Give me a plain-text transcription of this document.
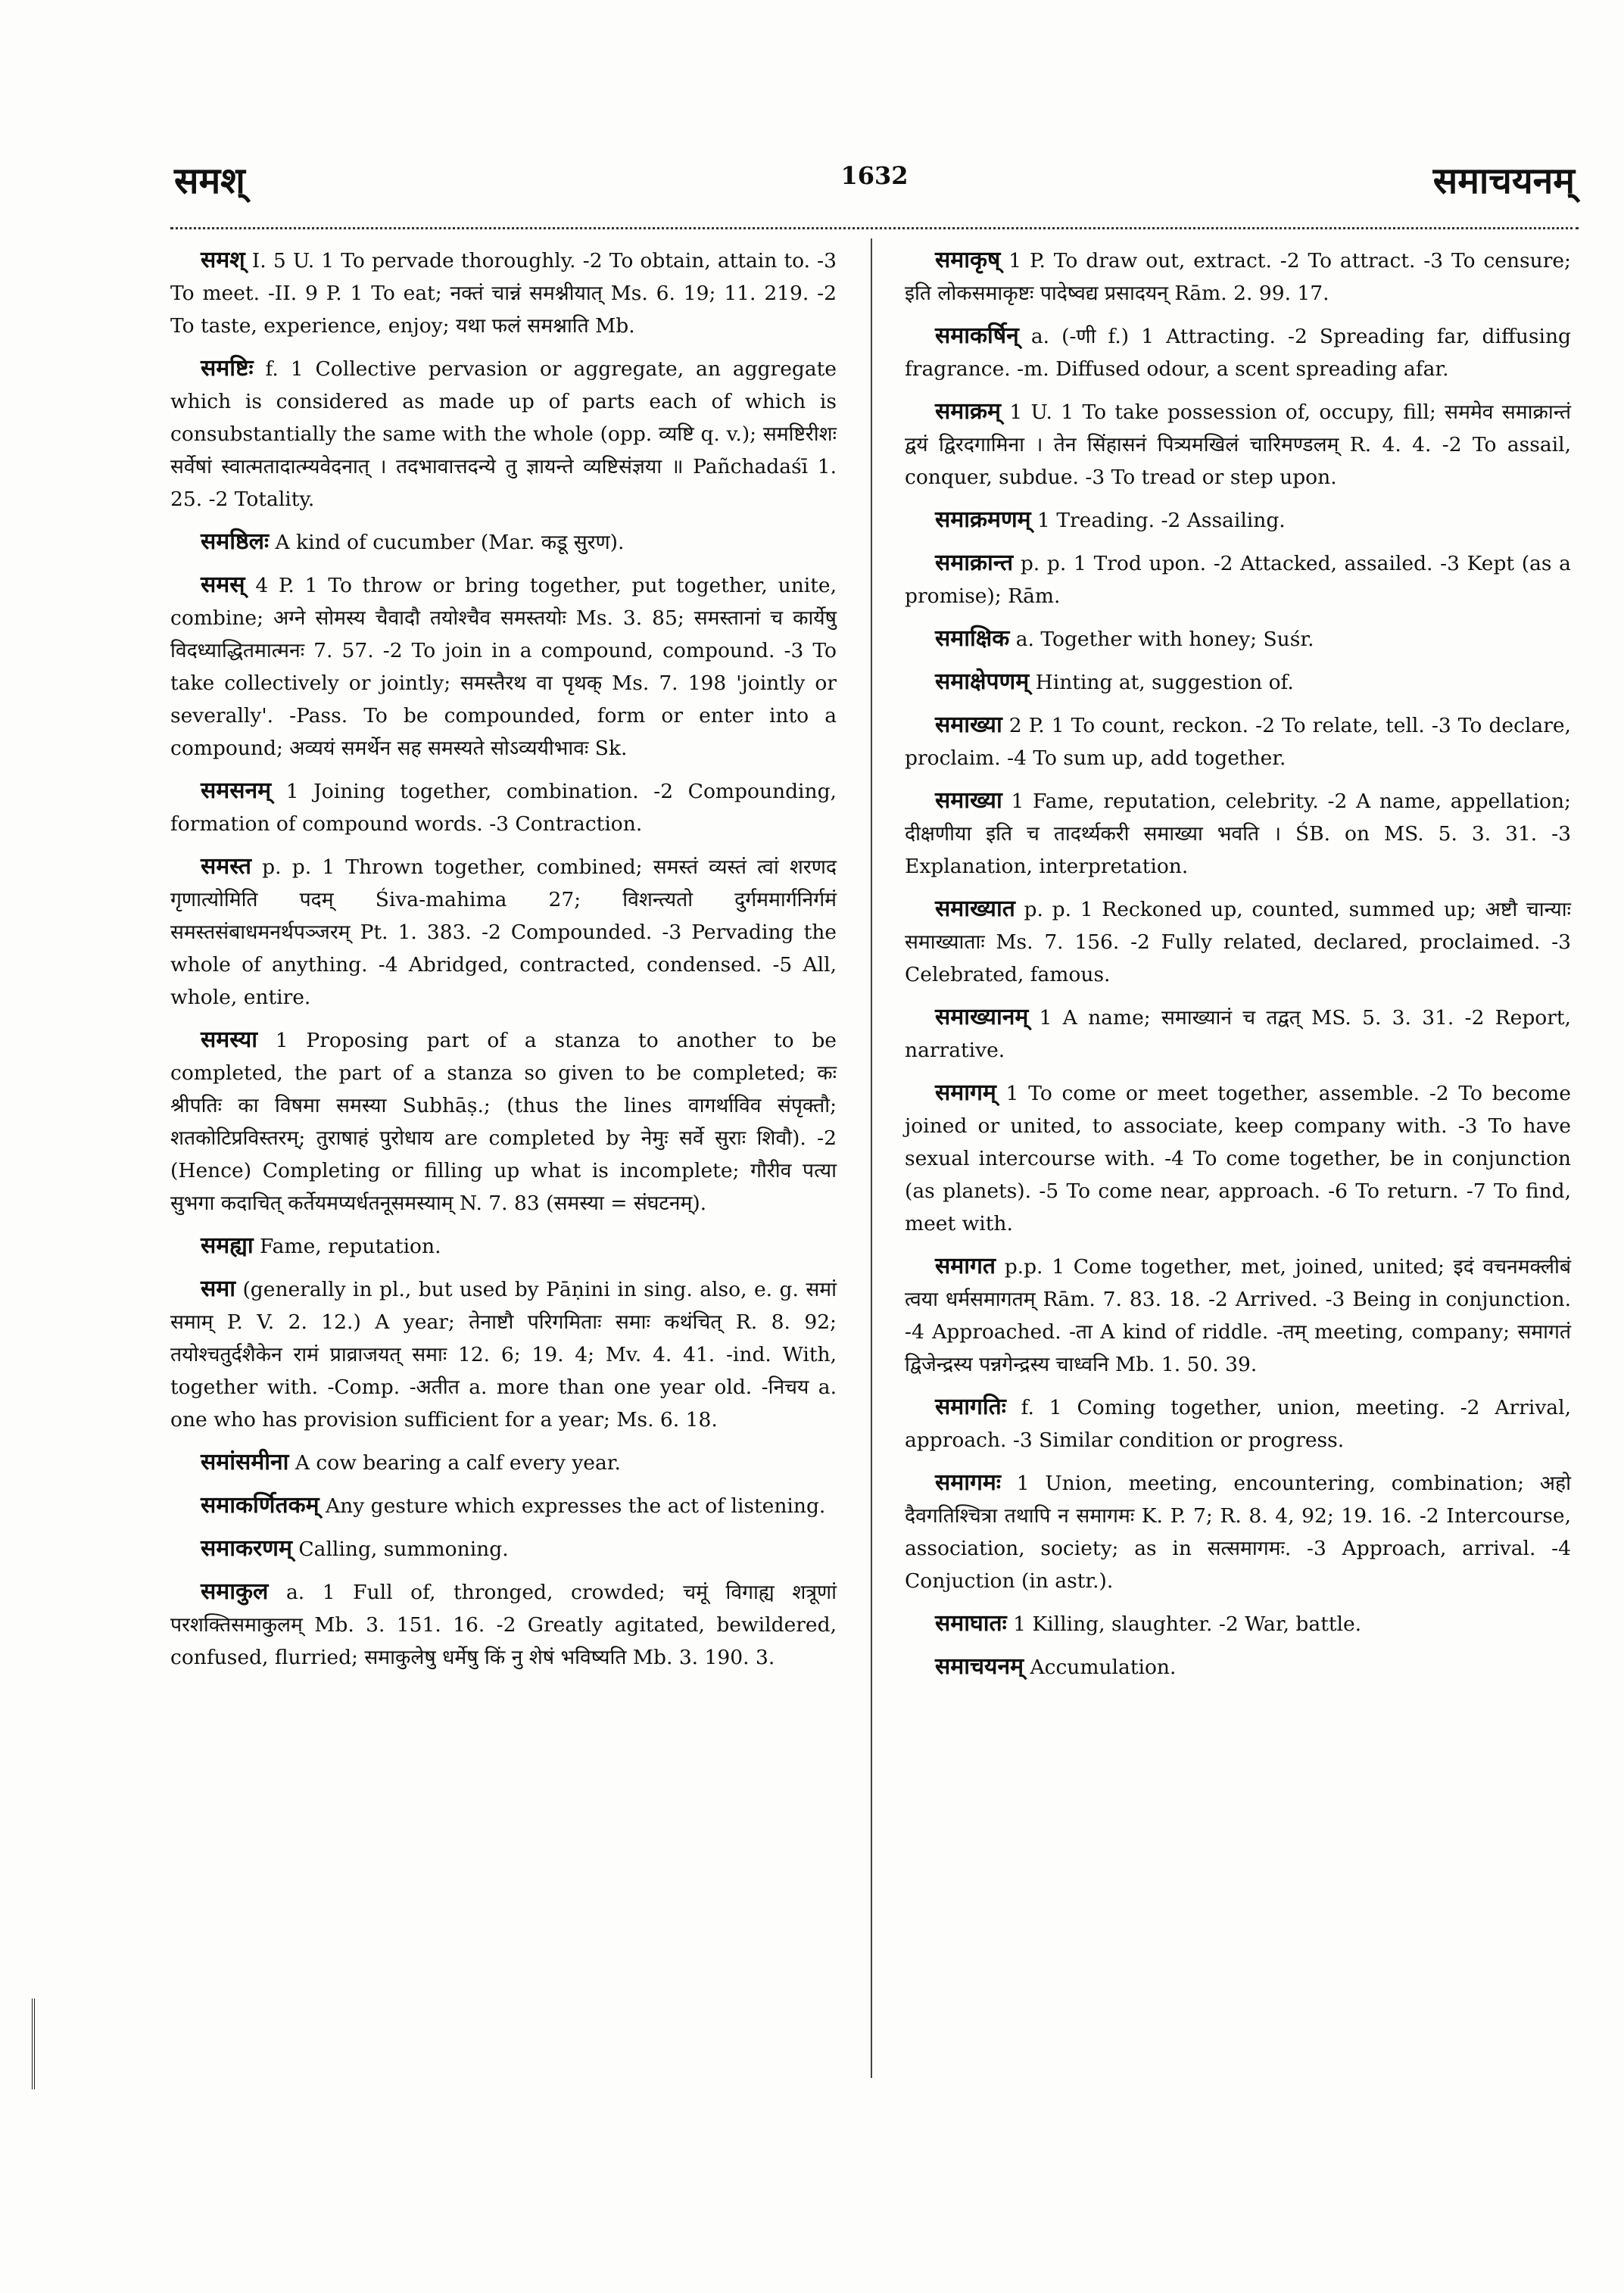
समश्	1632	समाचयनम्

समश् I. 5 U. 1 To pervade thoroughly. -2 To obtain, attain to. -3 To meet. -II. 9 P. 1 To eat; नक्तं चान्नं समश्नीयात् Ms. 6. 19; 11. 219. -2 To taste, experience, enjoy; यथा फलं समश्नाति Mb.

समष्टिः f. 1 Collective pervasion or aggregate, an aggregate which is considered as made up of parts each of which is consubstantially the same with the whole (opp. व्यष्टि q. v.); समष्टिरीशः सर्वेषां स्वात्मतादात्म्यवेदनात् । तदभावात्तदन्ये तु ज्ञायन्ते व्यष्टिसंज्ञया ॥ Pañchadaśī 1. 25. -2 Totality.

समष्ठिलः A kind of cucumber (Mar. कडू सुरण).

समस् 4 P. 1 To throw or bring together, put together, unite, combine; अग्ने सोमस्य चैवादौ तयोश्चैव समस्तयोः Ms. 3. 85; समस्तानां च कार्येषु विदध्याद्धितमात्मनः 7. 57. -2 To join in a compound, compound. -3 To take collectively or jointly; समस्तैरथ वा पृथक् Ms. 7. 198 'jointly or severally'. -Pass. To be compounded, form or enter into a compound; अव्ययं समर्थेन सह समस्यते सोऽव्ययीभावः Sk.

समसनम् 1 Joining together, combination. -2 Compounding, formation of compound words. -3 Contraction.

समस्त p. p. 1 Thrown together, combined; समस्तं व्यस्तं त्वां शरणद गृणात्योमिति पदम् Śiva-mahima 27; विशन्त्यतो दुर्गममार्गनिर्गमं समस्तसंबाधमनर्थपञ्जरम् Pt. 1. 383. -2 Compounded. -3 Pervading the whole of anything. -4 Abridged, contracted, condensed. -5 All, whole, entire.

समस्या 1 Proposing part of a stanza to another to be completed, the part of a stanza so given to be completed; कः श्रीपतिः का विषमा समस्या Subhāṣ.; (thus the lines वागर्थाविव संपृक्तौ; शतकोटिप्रविस्तरम्; तुराषाहं पुरोधाय are completed by नेमुः सर्वे सुराः शिवौ). -2 (Hence) Completing or filling up what is incomplete; गौरीव पत्या सुभगा कदाचित् कर्तेयमप्यर्धतनूसमस्याम् N. 7. 83 (समस्या = संघटनम्).

समह्या Fame, reputation.

समा (generally in pl., but used by Pāṇini in sing. also, e. g. समां समाम् P. V. 2. 12.) A year; तेनाष्टौ परिगमिताः समाः कथंचित् R. 8. 92; तयोश्चतुर्दशैकेन रामं प्राव्राजयत् समाः 12. 6; 19. 4; Mv. 4. 41. -ind. With, together with. -Comp. -अतीत a. more than one year old. -निचय a. one who has provision sufficient for a year; Ms. 6. 18.

समांसमीना A cow bearing a calf every year.

समाकर्णितकम् Any gesture which expresses the act of listening.

समाकरणम् Calling, summoning.

समाकुल a. 1 Full of, thronged, crowded; चमूं विगाह्य शत्रूणां परशक्तिसमाकुलम् Mb. 3. 151. 16. -2 Greatly agitated, bewildered, confused, flurried; समाकुलेषु धर्मेषु किं नु शेषं भविष्यति Mb. 3. 190. 3.

समाकृष् 1 P. To draw out, extract. -2 To attract. -3 To censure; इति लोकसमाकृष्टः पादेष्वद्य प्रसादयन् Rām. 2. 99. 17.

समाकर्षिन् a. (-णी f.) 1 Attracting. -2 Spreading far, diffusing fragrance. -m. Diffused odour, a scent spreading afar.

समाक्रम् 1 U. 1 To take possession of, occupy, fill; सममेव समाक्रान्तं द्वयं द्विरदगामिना । तेन सिंहासनं पित्र्यमखिलं चारिमण्डलम् R. 4. 4. -2 To assail, conquer, subdue. -3 To tread or step upon.

समाक्रमणम् 1 Treading. -2 Assailing.

समाक्रान्त p. p. 1 Trod upon. -2 Attacked, assailed. -3 Kept (as a promise); Rām.

समाक्षिक a. Together with honey; Suśr.

समाक्षेपणम् Hinting at, suggestion of.

समाख्या 2 P. 1 To count, reckon. -2 To relate, tell. -3 To declare, proclaim. -4 To sum up, add together.

समाख्या 1 Fame, reputation, celebrity. -2 A name, appellation; दीक्षणीया इति च तादर्थ्यकरी समाख्या भवति । ŚB. on MS. 5. 3. 31. -3 Explanation, interpretation.

समाख्यात p. p. 1 Reckoned up, counted, summed up; अष्टौ चान्याः समाख्याताः Ms. 7. 156. -2 Fully related, declared, proclaimed. -3 Celebrated, famous.

समाख्यानम् 1 A name; समाख्यानं च तद्वत् MS. 5. 3. 31. -2 Report, narrative.

समागम् 1 To come or meet together, assemble. -2 To become joined or united, to associate, keep company with. -3 To have sexual intercourse with. -4 To come together, be in conjunction (as planets). -5 To come near, approach. -6 To return. -7 To find, meet with.

समागत p.p. 1 Come together, met, joined, united; इदं वचनमक्लीबं त्वया धर्मसमागतम् Rām. 7. 83. 18. -2 Arrived. -3 Being in conjunction. -4 Approached. -ता A kind of riddle. -तम् meeting, company; समागतं द्विजेन्द्रस्य पन्नगेन्द्रस्य चाध्वनि Mb. 1. 50. 39.

समागतिः f. 1 Coming together, union, meeting. -2 Arrival, approach. -3 Similar condition or progress.

समागमः 1 Union, meeting, encountering, combination; अहो दैवगतिश्चित्रा तथापि न समागमः K. P. 7; R. 8. 4, 92; 19. 16. -2 Intercourse, association, society; as in सत्समागमः. -3 Approach, arrival. -4 Conjuction (in astr.).

समाघातः 1 Killing, slaughter. -2 War, battle.

समाचयनम् Accumulation.
